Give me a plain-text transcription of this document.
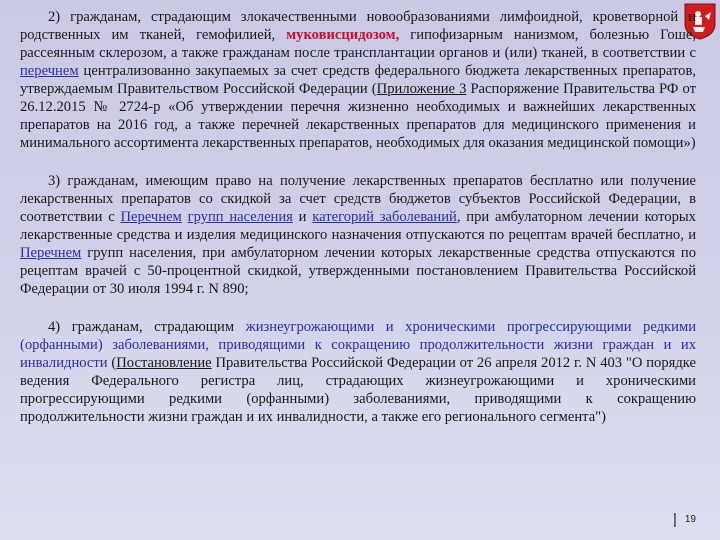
2) гражданам, страдающим злокачественными новообразованиями лимфоидной, кроветворной и родственных им тканей, гемофилией, муковисцидозом, гипофизарным нанизмом, болезнью Гоше, рассеянным склерозом, а также гражданам после трансплантации органов и (или) тканей, в соответствии с перечнем централизованно закупаемых за счет средств федерального бюджета лекарственных препаратов, утверждаемым Правительством Российской Федерации (Приложение 3 Распоряжение Правительства РФ от 26.12.2015 № 2724-р «Об утверждении перечня жизненно необходимых и важнейших лекарственных препаратов на 2016 год, а также перечней лекарственных препаратов для медицинского применения и минимального ассортимента лекарственных препаратов, необходимых для оказания медицинской помощи»)

3) гражданам, имеющим право на получение лекарственных препаратов бесплатно или получение лекарственных препаратов со скидкой за счет средств бюджетов субъектов Российской Федерации, в соответствии с Перечнем групп населения и категорий заболеваний, при амбулаторном лечении которых лекарственные средства и изделия медицинского назначения отпускаются по рецептам врачей бесплатно, и Перечнем групп населения, при амбулаторном лечении которых лекарственные средства отпускаются по рецептам врачей с 50-процентной скидкой, утвержденными постановлением Правительства Российской Федерации от 30 июля 1994 г. N 890;

4) гражданам, страдающим жизнеугрожающими и хроническими прогрессирующими редкими (орфанными) заболеваниями, приводящими к сокращению продолжительности жизни граждан и их инвалидности (Постановление Правительства Российской Федерации от 26 апреля 2012 г. N 403 "О порядке ведения Федерального регистра лиц, страдающих жизнеугрожающими и хроническими прогрессирующими редкими (орфанными) заболеваниями, приводящими к сокращению продолжительности жизни граждан и их инвалидности, а также его регионального сегмента")

| 19
